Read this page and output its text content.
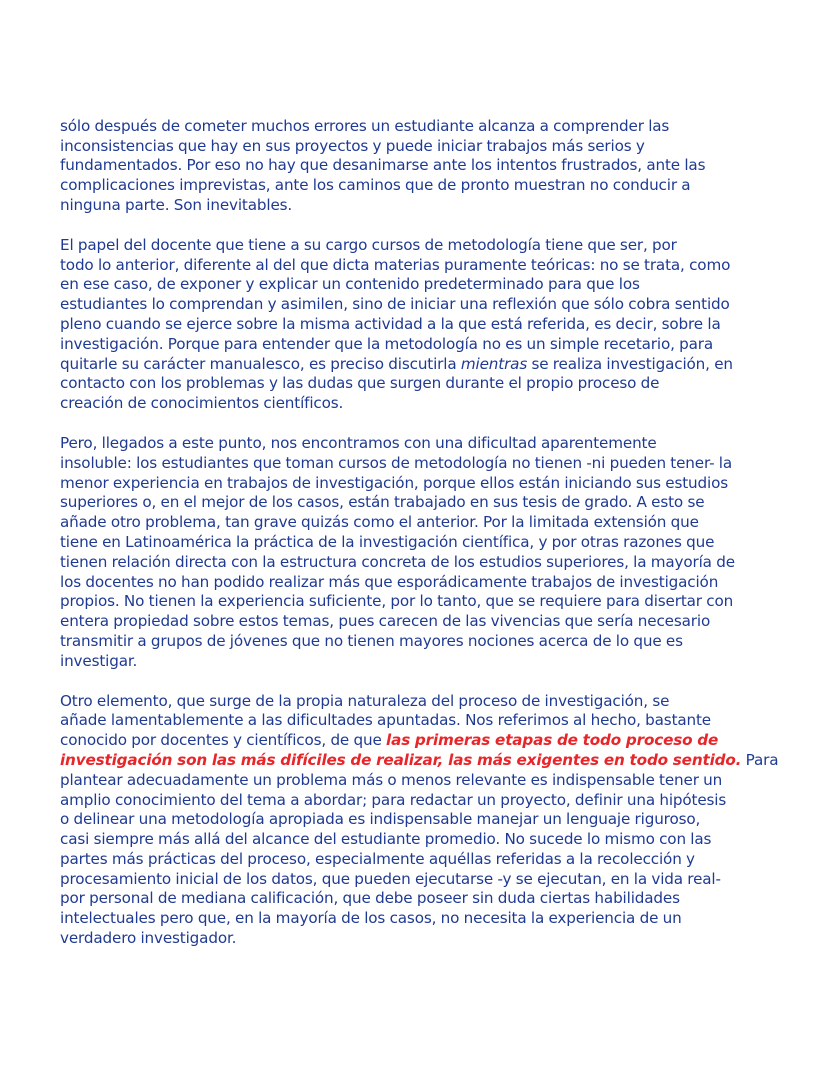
sólo después de cometer muchos errores un estudiante alcanza a comprender las
inconsistencias que hay en sus proyectos y puede iniciar trabajos más serios y
fundamentados. Por eso no hay que desanimarse ante los intentos frustrados, ante las
complicaciones imprevistas, ante los caminos que de pronto muestran no conducir a
ninguna parte. Son inevitables.

El papel del docente que tiene a su cargo cursos de metodología tiene que ser, por
todo lo anterior, diferente al del que dicta materias puramente teóricas: no se trata, como
en ese caso, de exponer y explicar un contenido predeterminado para que los
estudiantes lo comprendan y asimilen, sino de iniciar una reflexión que sólo cobra sentido
pleno cuando se ejerce sobre la misma actividad a la que está referida, es decir, sobre la
investigación. Porque para entender que la metodología no es un simple recetario, para
quitarle su carácter manualesco, es preciso discutirla mientras se realiza investigación, en
contacto con los problemas y las dudas que surgen durante el propio proceso de
creación de conocimientos científicos.

Pero, llegados a este punto, nos encontramos con una dificultad aparentemente
insoluble: los estudiantes que toman cursos de metodología no tienen -ni pueden tener- la
menor experiencia en trabajos de investigación, porque ellos están iniciando sus estudios
superiores o, en el mejor de los casos, están trabajado en sus tesis de grado. A esto se
añade otro problema, tan grave quizás como el anterior. Por la limitada extensión que
tiene en Latinoamérica la práctica de la investigación científica, y por otras razones que
tienen relación directa con la estructura concreta de los estudios superiores, la mayoría de
los docentes no han podido realizar más que esporádicamente trabajos de investigación
propios. No tienen la experiencia suficiente, por lo tanto, que se requiere para disertar con
entera propiedad sobre estos temas, pues carecen de las vivencias que sería necesario
transmitir a grupos de jóvenes que no tienen mayores nociones acerca de lo que es
investigar.

Otro elemento, que surge de la propia naturaleza del proceso de investigación, se
añade lamentablemente a las dificultades apuntadas. Nos referimos al hecho, bastante
conocido por docentes y científicos, de que las primeras etapas de todo proceso de
investigación son las más difíciles de realizar, las más exigentes en todo sentido. Para
plantear adecuadamente un problema más o menos relevante es indispensable tener un
amplio conocimiento del tema a abordar; para redactar un proyecto, definir una hipótesis
o delinear una metodología apropiada es indispensable manejar un lenguaje riguroso,
casi siempre más allá del alcance del estudiante promedio. No sucede lo mismo con las
partes más prácticas del proceso, especialmente aquéllas referidas a la recolección y
procesamiento inicial de los datos, que pueden ejecutarse -y se ejecutan, en la vida real-
por personal de mediana calificación, que debe poseer sin duda ciertas habilidades
intelectuales pero que, en la mayoría de los casos, no necesita la experiencia de un
verdadero investigador.
